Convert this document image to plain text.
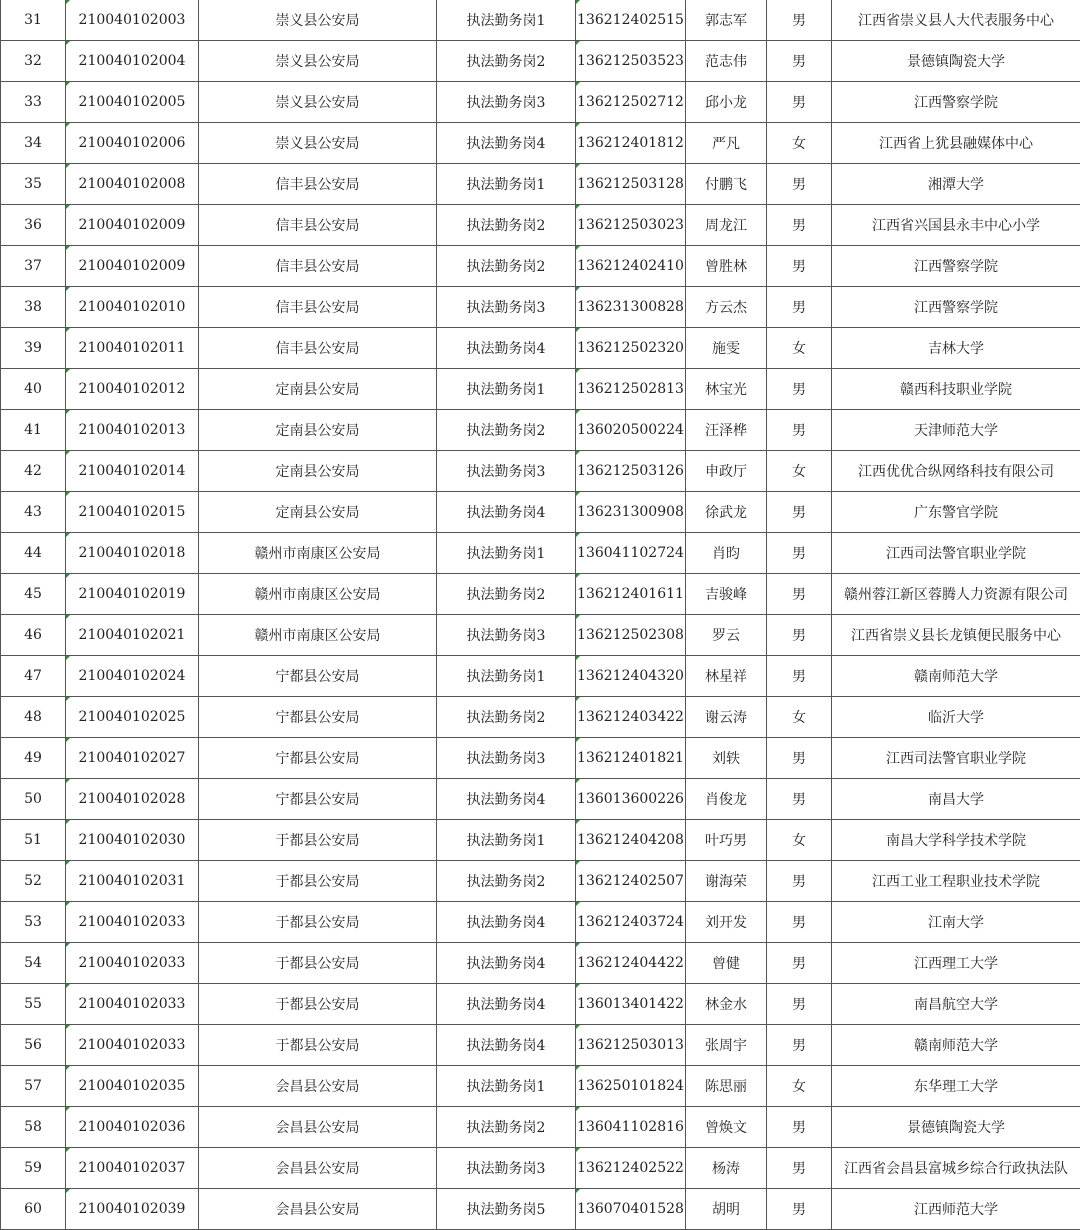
31	210040102003	崇义县公安局	执法勤务岗1	136212402515	郭志军	男	江西省崇义县人大代表服务中心
32	210040102004	崇义县公安局	执法勤务岗2	136212503523	范志伟	男	景德镇陶瓷大学
33	210040102005	崇义县公安局	执法勤务岗3	136212502712	邱小龙	男	江西警察学院
34	210040102006	崇义县公安局	执法勤务岗4	136212401812	严凡	女	江西省上犹县融媒体中心
35	210040102008	信丰县公安局	执法勤务岗1	136212503128	付鹏飞	男	湘潭大学
36	210040102009	信丰县公安局	执法勤务岗2	136212503023	周龙江	男	江西省兴国县永丰中心小学
37	210040102009	信丰县公安局	执法勤务岗2	136212402410	曾胜林	男	江西警察学院
38	210040102010	信丰县公安局	执法勤务岗3	136231300828	方云杰	男	江西警察学院
39	210040102011	信丰县公安局	执法勤务岗4	136212502320	施雯	女	吉林大学
40	210040102012	定南县公安局	执法勤务岗1	136212502813	林宝光	男	赣西科技职业学院
41	210040102013	定南县公安局	执法勤务岗2	136020500224	汪泽桦	男	天津师范大学
42	210040102014	定南县公安局	执法勤务岗3	136212503126	申政厅	女	江西优优合纵网络科技有限公司
43	210040102015	定南县公安局	执法勤务岗4	136231300908	徐武龙	男	广东警官学院
44	210040102018	赣州市南康区公安局	执法勤务岗1	136041102724	肖昀	男	江西司法警官职业学院
45	210040102019	赣州市南康区公安局	执法勤务岗2	136212401611	吉骏峰	男	赣州蓉江新区蓉腾人力资源有限公司
46	210040102021	赣州市南康区公安局	执法勤务岗3	136212502308	罗云	男	江西省崇义县长龙镇便民服务中心
47	210040102024	宁都县公安局	执法勤务岗1	136212404320	林星祥	男	赣南师范大学
48	210040102025	宁都县公安局	执法勤务岗2	136212403422	谢云涛	女	临沂大学
49	210040102027	宁都县公安局	执法勤务岗3	136212401821	刘轶	男	江西司法警官职业学院
50	210040102028	宁都县公安局	执法勤务岗4	136013600226	肖俊龙	男	南昌大学
51	210040102030	于都县公安局	执法勤务岗1	136212404208	叶巧男	女	南昌大学科学技术学院
52	210040102031	于都县公安局	执法勤务岗2	136212402507	谢海荣	男	江西工业工程职业技术学院
53	210040102033	于都县公安局	执法勤务岗4	136212403724	刘开发	男	江南大学
54	210040102033	于都县公安局	执法勤务岗4	136212404422	曾健	男	江西理工大学
55	210040102033	于都县公安局	执法勤务岗4	136013401422	林金水	男	南昌航空大学
56	210040102033	于都县公安局	执法勤务岗4	136212503013	张周宇	男	赣南师范大学
57	210040102035	会昌县公安局	执法勤务岗1	136250101824	陈思丽	女	东华理工大学
58	210040102036	会昌县公安局	执法勤务岗2	136041102816	曾焕文	男	景德镇陶瓷大学
59	210040102037	会昌县公安局	执法勤务岗3	136212402522	杨涛	男	江西省会昌县富城乡综合行政执法队
60	210040102039	会昌县公安局	执法勤务岗5	136070401528	胡明	男	江西师范大学
